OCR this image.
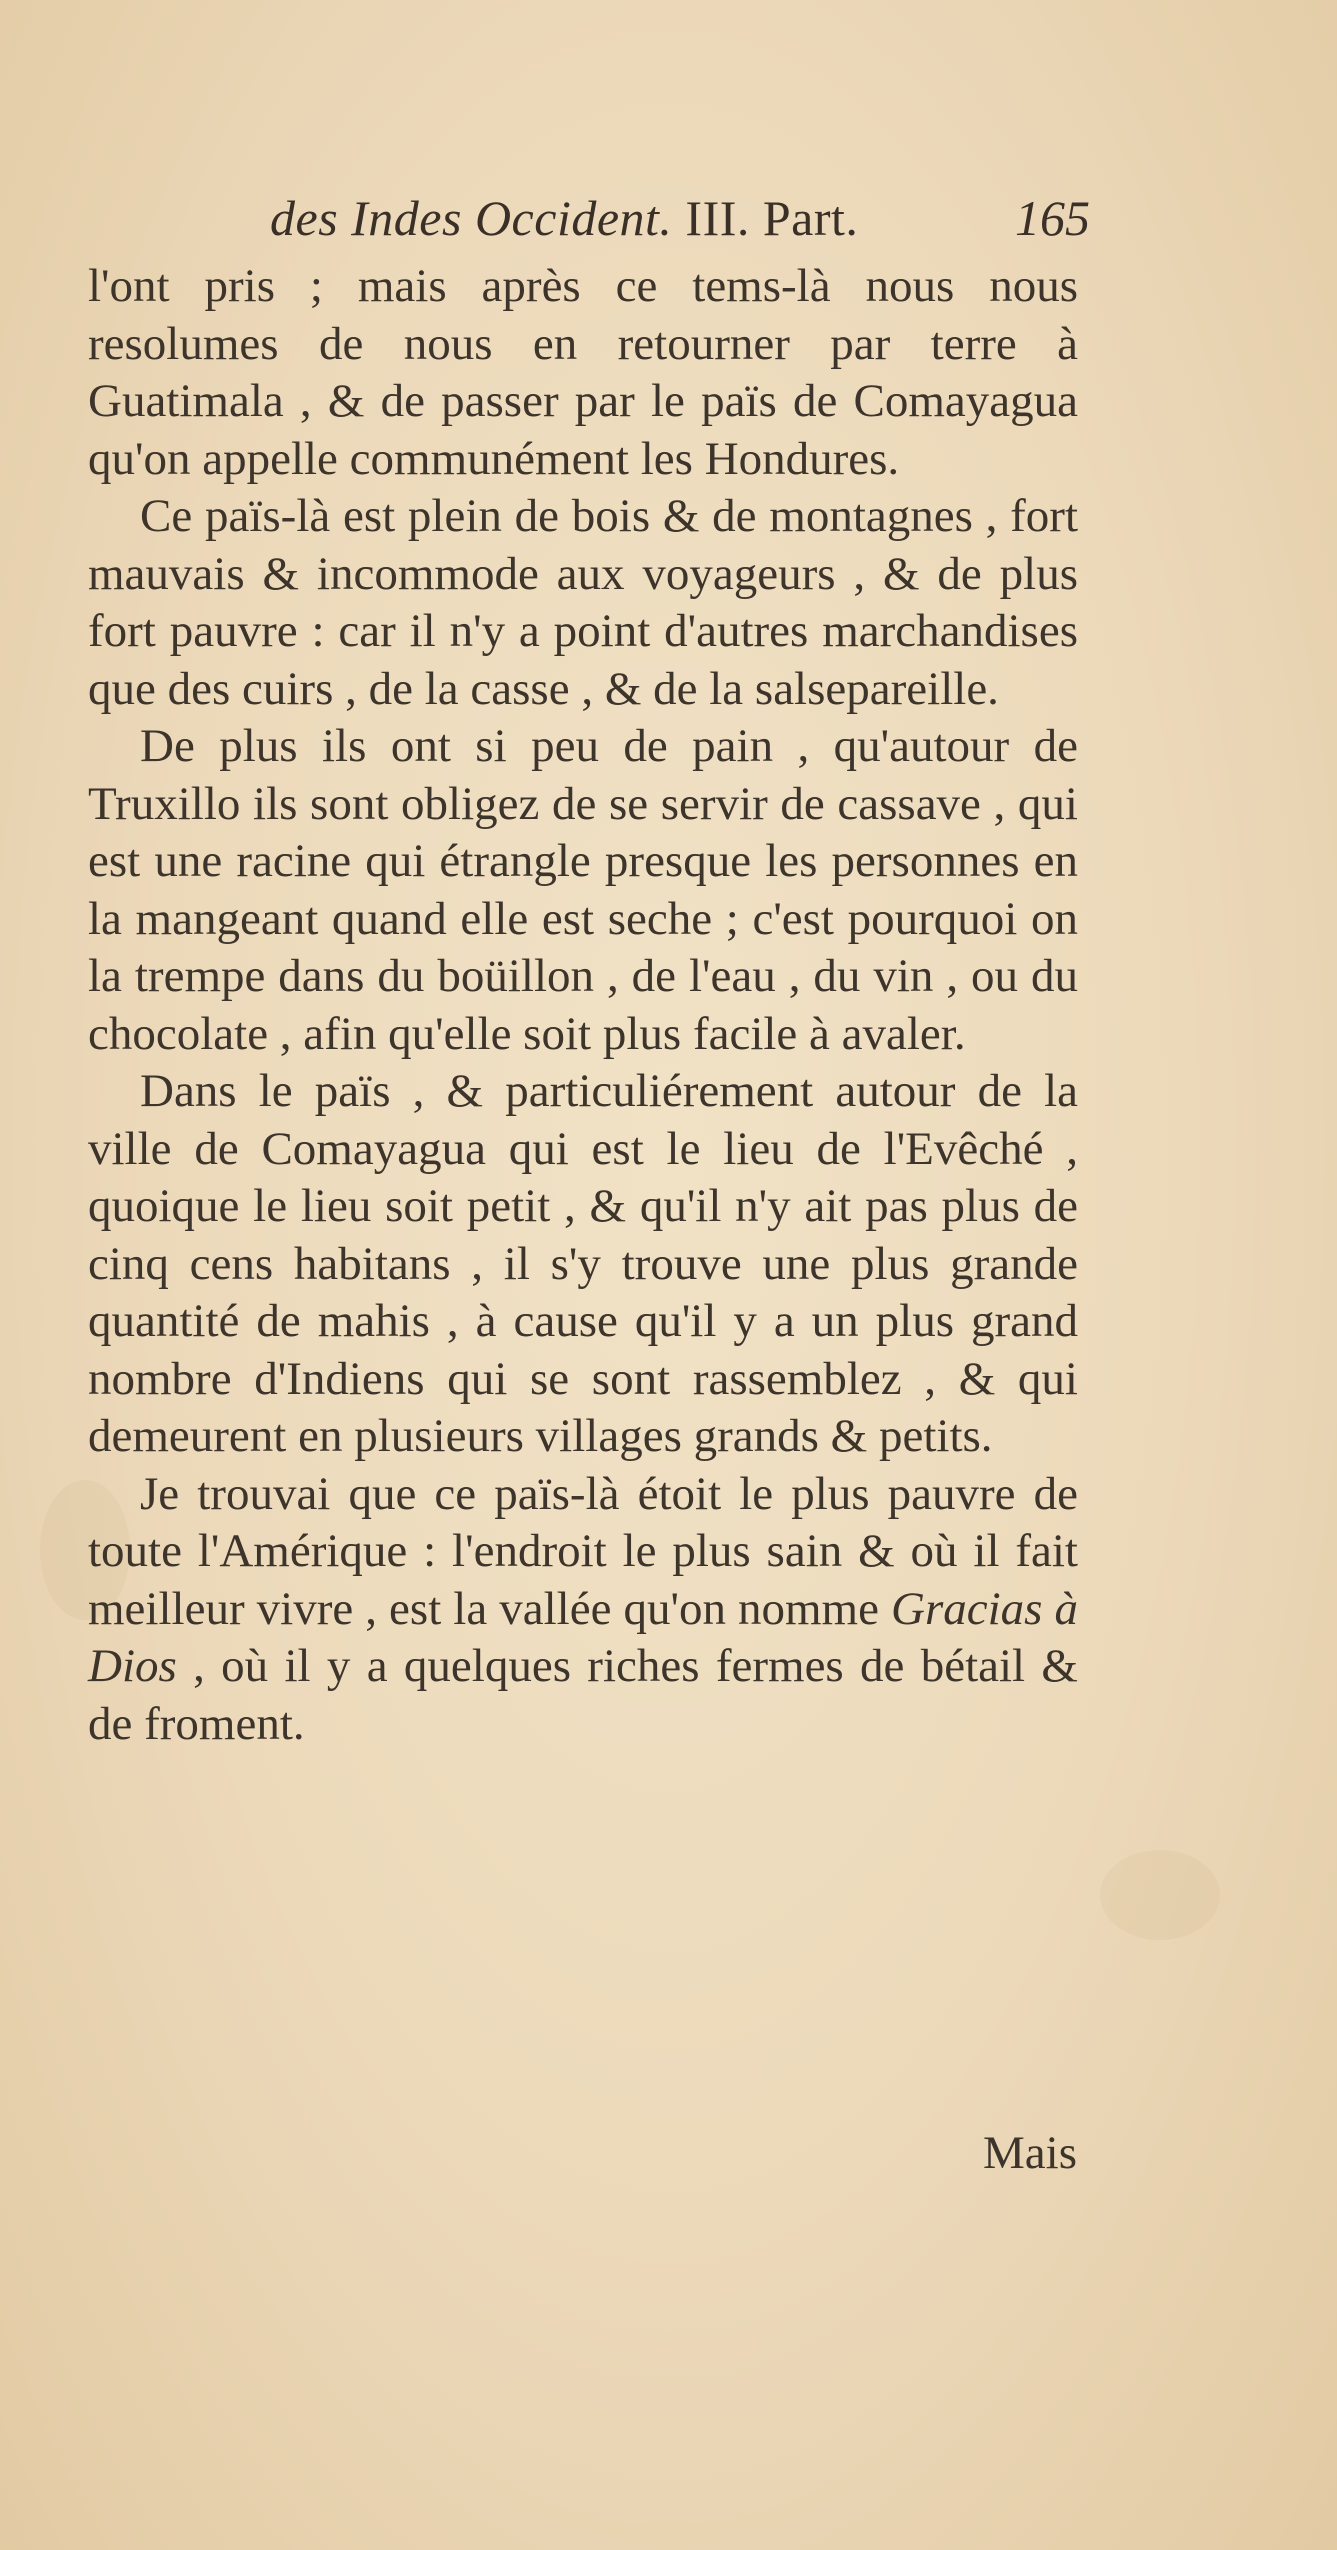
des Indes Occident. III. Part.	165

l'ont pris ; mais après ce tems-là nous nous resolumes de nous en retourner par terre à Guatimala , & de passer par le païs de Comayagua qu'on appelle communément les Hondures.

Ce païs-là est plein de bois & de montagnes , fort mauvais & incommode aux voyageurs , & de plus fort pauvre : car il n'y a point d'autres marchandises que des cuirs , de la casse , & de la salsepareille.

De plus ils ont si peu de pain , qu'autour de Truxillo ils sont obligez de se servir de cassave , qui est une racine qui étrangle presque les personnes en la mangeant quand elle est seche ; c'est pourquoi on la trempe dans du boüillon , de l'eau , du vin , ou du chocolate , afin qu'elle soit plus facile à avaler.

Dans le païs , & particuliérement autour de la ville de Comayagua qui est le lieu de l'Evêché , quoique le lieu soit petit , & qu'il n'y ait pas plus de cinq cens habitans , il s'y trouve une plus grande quantité de mahis , à cause qu'il y a un plus grand nombre d'Indiens qui se sont rassemblez , & qui demeurent en plusieurs villages grands & petits.

Je trouvai que ce païs-là étoit le plus pauvre de toute l'Amérique : l'endroit le plus sain & où il fait meilleur vivre , est la vallée qu'on nomme Gracias à Dios , où il y a quelques riches fermes de bétail & de froment.

Mais
